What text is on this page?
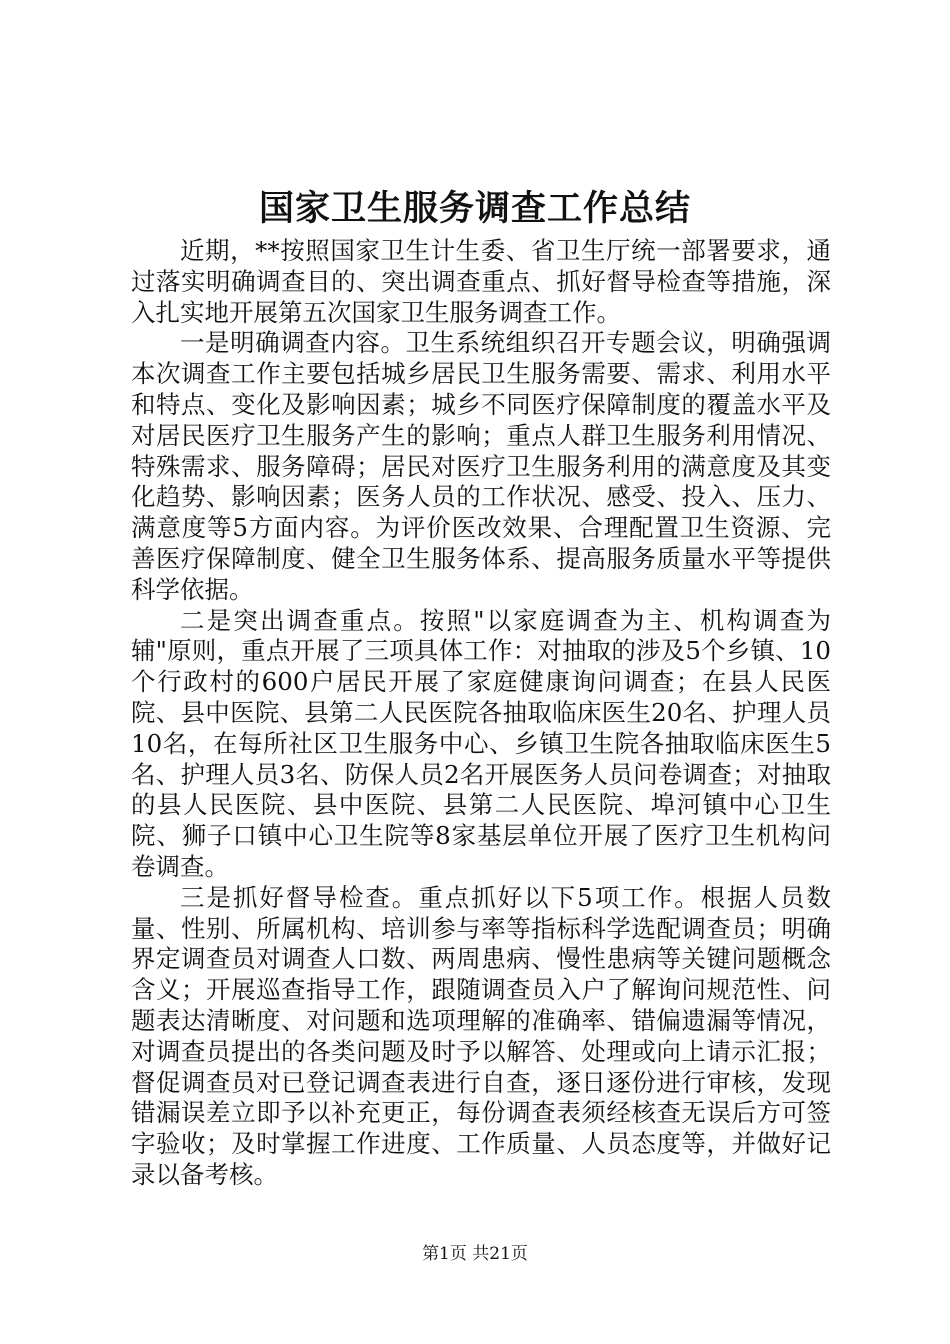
国家卫生服务调查工作总结

近期，**按照国家卫生计生委、省卫生厅统一部署要求，通过落实明确调查目的、突出调查重点、抓好督导检查等措施，深入扎实地开展第五次国家卫生服务调查工作。

一是明确调查内容。卫生系统组织召开专题会议，明确强调本次调查工作主要包括城乡居民卫生服务需要、需求、利用水平和特点、变化及影响因素；城乡不同医疗保障制度的覆盖水平及对居民医疗卫生服务产生的影响；重点人群卫生服务利用情况、特殊需求、服务障碍；居民对医疗卫生服务利用的满意度及其变化趋势、影响因素；医务人员的工作状况、感受、投入、压力、满意度等5方面内容。为评价医改效果、合理配置卫生资源、完善医疗保障制度、健全卫生服务体系、提高服务质量水平等提供科学依据。

二是突出调查重点。按照"以家庭调查为主、机构调查为辅"原则，重点开展了三项具体工作：对抽取的涉及5个乡镇、10个行政村的600户居民开展了家庭健康询问调查；在县人民医院、县中医院、县第二人民医院各抽取临床医生20名、护理人员10名，在每所社区卫生服务中心、乡镇卫生院各抽取临床医生5名、护理人员3名、防保人员2名开展医务人员问卷调查；对抽取的县人民医院、县中医院、县第二人民医院、埠河镇中心卫生院、狮子口镇中心卫生院等8家基层单位开展了医疗卫生机构问卷调查。

三是抓好督导检查。重点抓好以下5项工作。根据人员数量、性别、所属机构、培训参与率等指标科学选配调查员；明确界定调查员对调查人口数、两周患病、慢性患病等关键问题概念含义；开展巡查指导工作，跟随调查员入户了解询问规范性、问题表达清晰度、对问题和选项理解的准确率、错偏遗漏等情况，对调查员提出的各类问题及时予以解答、处理或向上请示汇报；督促调查员对已登记调查表进行自查，逐日逐份进行审核，发现错漏误差立即予以补充更正，每份调查表须经核查无误后方可签字验收；及时掌握工作进度、工作质量、人员态度等，并做好记录以备考核。

第1页 共21页
